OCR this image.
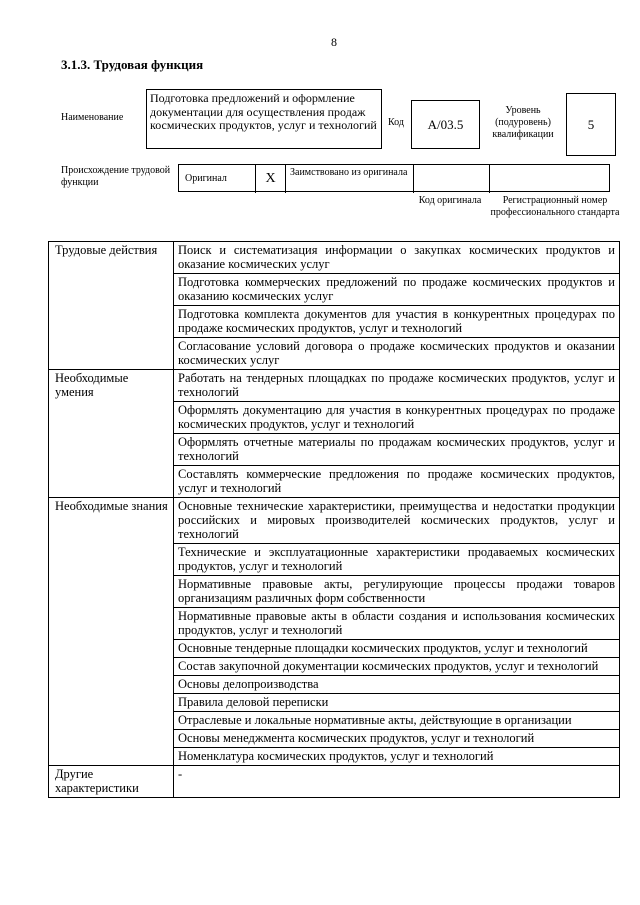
8
3.1.3. Трудовая функция
Наименование
Подготовка предложений и оформление документации для осуществления продаж космических продуктов, услуг и технологий	Код А/03.5
Уровень (подуровень) квалификации
5
Происхождение трудовой функции	Оригинал	X	Заимствовано из оригинала
Код оригинала	Регистрационный номер профессионального стандарта
Трудовые действия	Поиск и систематизация информации о закупках космических продуктов и оказание космических услуг
	Подготовка коммерческих предложений по продаже космических продуктов и оказанию космических услуг
	Подготовка комплекта документов для участия в конкурентных процедурах по продаже космических продуктов, услуг и технологий
	Согласование условий договора о продаже космических продуктов и оказании космических услуг
Необходимые умения	Работать на тендерных площадках по продаже космических продуктов, услуг и технологий
	Оформлять документацию для участия в конкурентных процедурах по продаже космических продуктов, услуг и технологий
	Оформлять отчетные материалы по продажам космических продуктов, услуг и технологий
	Составлять коммерческие предложения по продаже космических продуктов, услуг и технологий
Необходимые знания	Основные технические характеристики, преимущества и недостатки продукции российских и мировых производителей космических продуктов, услуг и технологий
	Технические и эксплуатационные характеристики продаваемых космических продуктов, услуг и технологий
	Нормативные правовые акты, регулирующие процессы продажи товаров организациям различных форм собственности
	Нормативные правовые акты в области создания и использования космических продуктов, услуг и технологий
	Основные тендерные площадки космических продуктов, услуг и технологий
	Состав закупочной документации космических продуктов, услуг и технологий
	Основы делопроизводства
	Правила деловой переписки
	Отраслевые и локальные нормативные акты, действующие в организации
	Основы менеджмента космических продуктов, услуг и технологий
	Номенклатура космических продуктов, услуг и технологий
Другие характеристики	-
